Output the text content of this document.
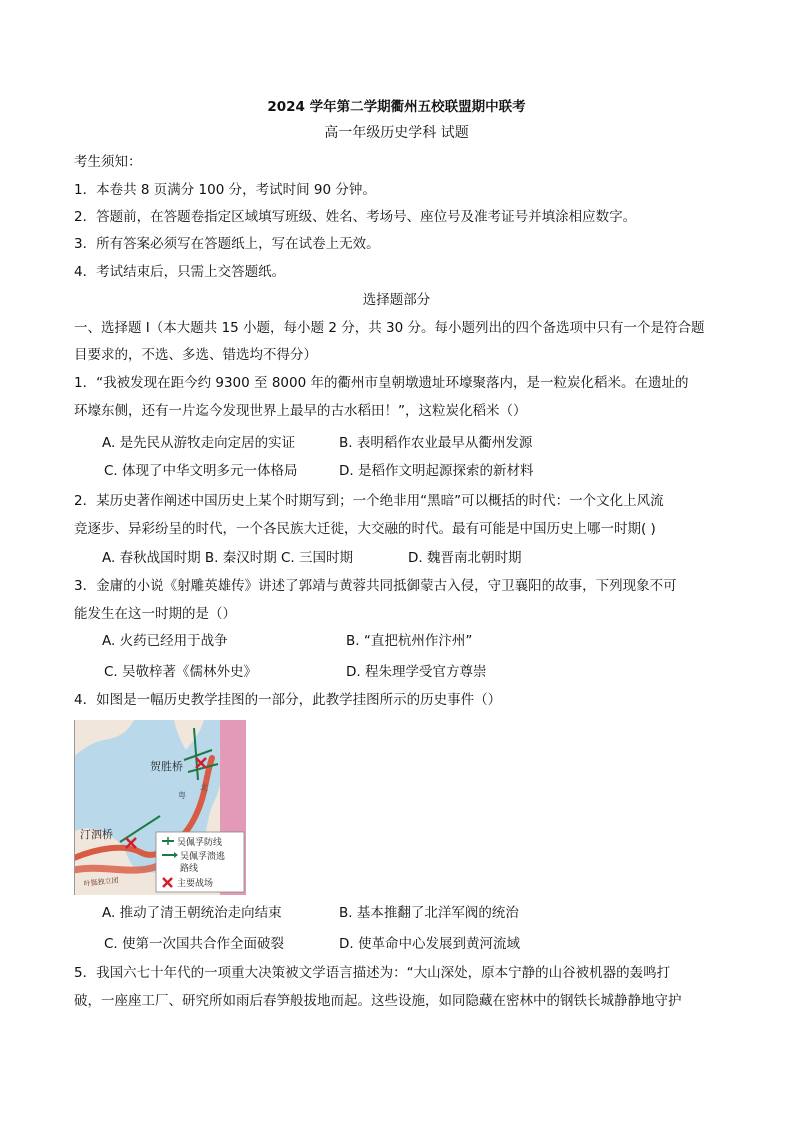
2024 学年第二学期衢州五校联盟期中联考
高一年级历史学科 试题
考生须知：
1．本卷共 8 页满分 100 分，考试时间 90 分钟。
2．答题前，在答题卷指定区域填写班级、姓名、考场号、座位号及准考证号并填涂相应数字。
3．所有答案必须写在答题纸上，写在试卷上无效。
4．考试结束后，只需上交答题纸。
选择题部分
一、选择题 I（本大题共 15 小题，每小题 2 分，共 30 分。每小题列出的四个备选项中只有一个是符合题
目要求的，不选、多选、错选均不得分）
1．“我被发现在距今约 9300 至 8000 年的衢州市皇朝墩遗址环壕聚落内，是一粒炭化稻米。在遗址的
环壕东侧，还有一片迄今发现世界上最早的古水稻田！”，这粒炭化稻米（）
A. 是先民从游牧走向定居的实证	B. 表明稻作农业最早从衢州发源
C. 体现了中华文明多元一体格局	D. 是稻作文明起源探索的新材料
2．某历史著作阐述中国历史上某个时期写到；一个绝非用“黑暗”可以概括的时代：一个文化上风流
竞逐步、异彩纷呈的时代，一个各民族大迁徙，大交融的时代。最有可能是中国历史上哪一时期( )
A. 春秋战国时期 B. 秦汉时期 C. 三国时期	D. 魏晋南北朝时期
3．金庸的小说《射雕英雄传》讲述了郭靖与黄蓉共同抵御蒙古入侵，守卫襄阳的故事，下列现象不可
能发生在这一时期的是（）
A. 火药已经用于战争	B. “直把杭州作汴州”
C. 吴敬梓著《儒林外史》	D. 程朱理学受官方尊崇
4．如图是一幅历史教学挂图的一部分，此教学挂图所示的历史事件（）
贺胜桥
汀泗桥
粤
北
叶挺独立团
吴佩孚防线
吴佩孚溃逃
路线
主要战场
A. 推动了清王朝统治走向结束	B. 基本推翻了北洋军阀的统治
C. 使第一次国共合作全面破裂	D. 使革命中心发展到黄河流域
5．我国六七十年代的一项重大决策被文学语言描述为：“大山深处，原本宁静的山谷被机器的轰鸣打
破，一座座工厂、研究所如雨后春笋般拔地而起。这些设施，如同隐藏在密林中的钢铁长城静静地守护
